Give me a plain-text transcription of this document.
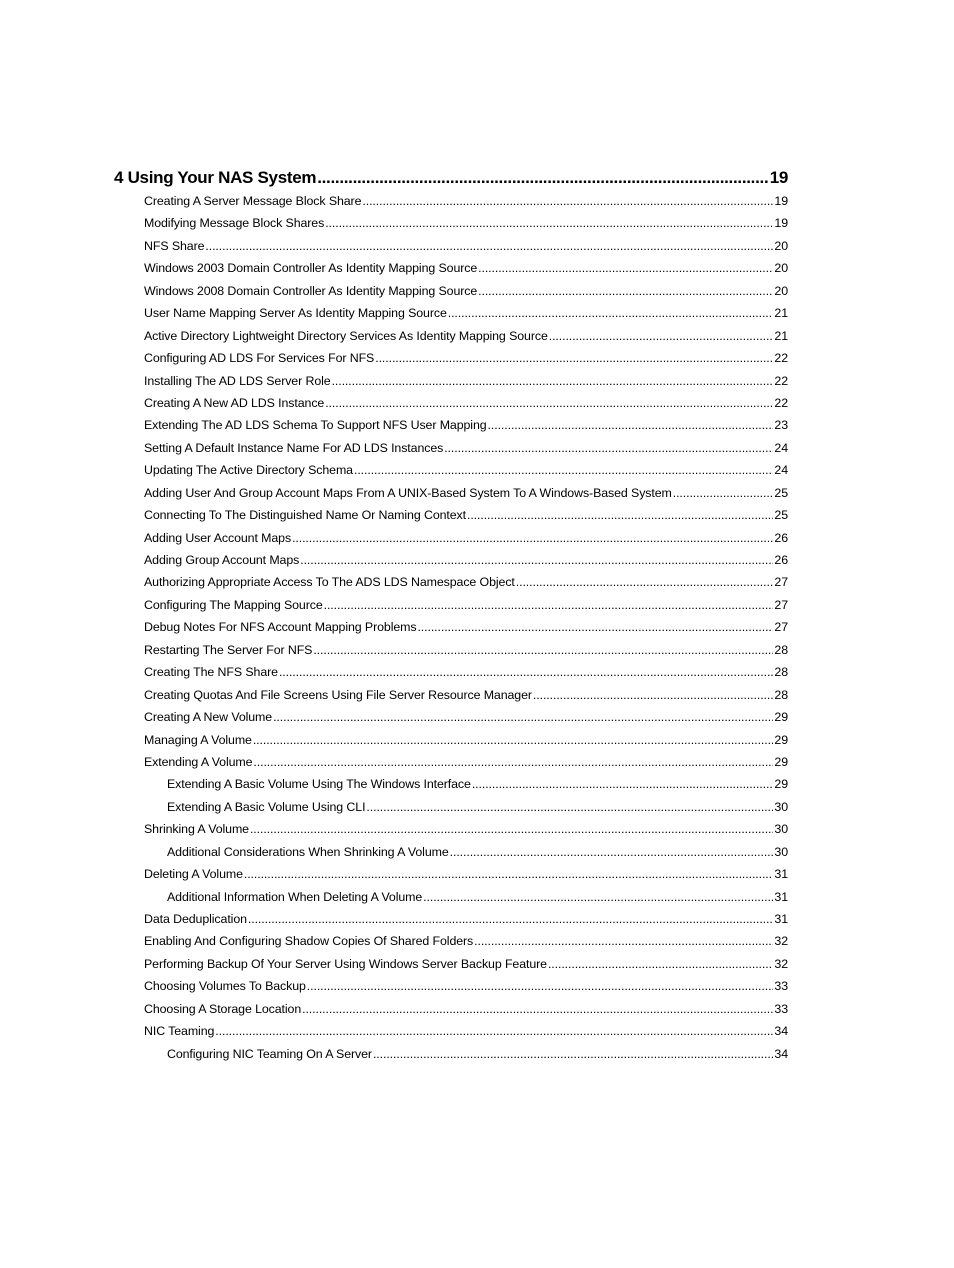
4 Using Your NAS System .....	19
Creating A Server Message Block Share .....	19
Modifying Message Block Shares .....	19
NFS Share .....	20
Windows 2003 Domain Controller As Identity Mapping Source .....	20
Windows 2008 Domain Controller As Identity Mapping Source .....	20
User Name Mapping Server As Identity Mapping Source .....	21
Active Directory Lightweight Directory Services As Identity Mapping Source .....	21
Configuring AD LDS For Services For NFS .....	22
Installing The AD LDS Server Role .....	22
Creating A New AD LDS Instance .....	22
Extending The AD LDS Schema To Support NFS User Mapping .....	23
Setting A Default Instance Name For AD LDS Instances .....	24
Updating The Active Directory Schema .....	24
Adding User And Group Account Maps From A UNIX-Based System To A Windows-Based System .....	25
Connecting To The Distinguished Name Or Naming Context .....	25
Adding User Account Maps .....	26
Adding Group Account Maps .....	26
Authorizing Appropriate Access To The ADS LDS Namespace Object .....	27
Configuring The Mapping Source .....	27
Debug Notes For NFS Account Mapping Problems .....	27
Restarting The Server For NFS .....	28
Creating The NFS Share .....	28
Creating Quotas And File Screens Using File Server Resource Manager .....	28
Creating A New Volume .....	29
Managing A Volume .....	29
Extending A Volume .....	29
Extending A Basic Volume Using The Windows Interface .....	29
Extending A Basic Volume Using CLI .....	30
Shrinking A Volume .....	30
Additional Considerations When Shrinking A Volume .....	30
Deleting A Volume .....	31
Additional Information When Deleting A Volume .....	31
Data Deduplication .....	31
Enabling And Configuring Shadow Copies Of Shared Folders .....	32
Performing Backup Of Your Server Using Windows Server Backup Feature .....	32
Choosing Volumes To Backup .....	33
Choosing A Storage Location .....	33
NIC Teaming .....	34
Configuring NIC Teaming On A Server .....	34
